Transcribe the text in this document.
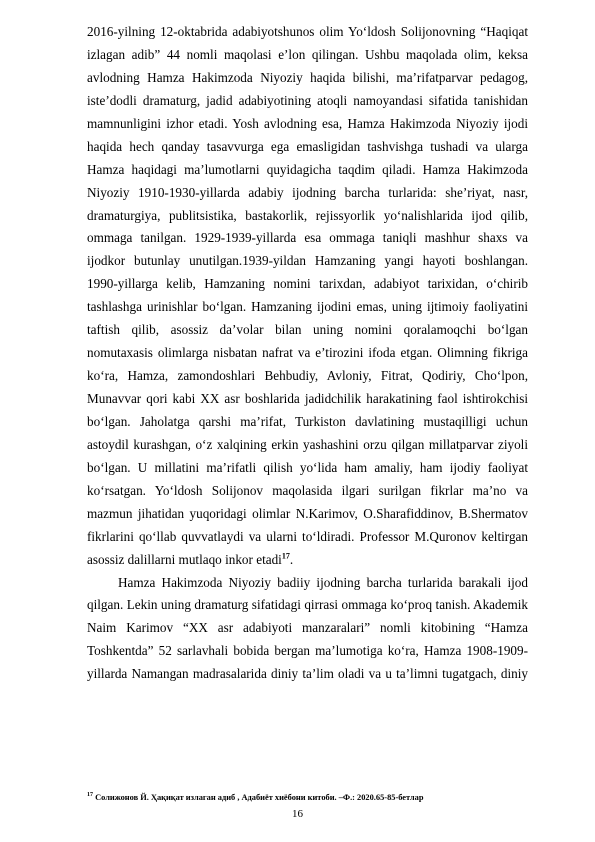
2016-yilning 12-oktabrida adabiyotshunos olim Yo‘ldosh Solijonovning “Haqiqat
izlagan adib” 44 nomli maqolasi e’lon qilingan. Ushbu maqolada olim, keksa
avlodning Hamza Hakimzoda Niyoziy haqida bilishi, ma’rifatparvar pedagog,
iste’dodli dramaturg, jadid adabiyotining atoqli namoyandasi sifatida tanishidan
mamnunligini izhor etadi. Yosh avlodning esa, Hamza Hakimzoda Niyoziy ijodi
haqida hech qanday tasavvurga ega emasligidan tashvishga tushadi va ularga
Hamza haqidagi ma’lumotlarni quyidagicha taqdim qiladi. Hamza Hakimzoda
Niyoziy 1910-1930-yillarda adabiy ijodning barcha turlarida: she’riyat, nasr,
dramaturgiya, publitsistika, bastakorlik, rejissyorlik yo‘nalishlarida ijod qilib,
ommaga tanilgan. 1929-1939-yillarda esa ommaga taniqli mashhur shaxs va
ijodkor butunlay unutilgan.1939-yildan Hamzaning yangi hayoti boshlangan.
1990-yillarga kelib, Hamzaning nomini tarixdan, adabiyot tarixidan, o‘chirib
tashlashga urinishlar bo‘lgan. Hamzaning ijodini emas, uning ijtimoiy faoliyatini
taftish qilib, asossiz da’volar bilan uning nomini qoralamoqchi bo‘lgan
nomutaxasis olimlarga nisbatan nafrat va e’tirozini ifoda etgan. Olimning fikriga
ko‘ra, Hamza, zamondoshlari Behbudiy, Avloniy, Fitrat, Qodiriy, Cho‘lpon,
Munavvar qori kabi XX asr boshlarida jadidchilik harakatining faol ishtirokchisi
bo‘lgan. Jaholatga qarshi ma’rifat, Turkiston davlatining mustaqilligi uchun
astoydil kurashgan, o‘z xalqining erkin yashashini orzu qilgan millatparvar ziyoli
bo‘lgan. U millatini ma’rifatli qilish yo‘lida ham amaliy, ham ijodiy faoliyat
ko‘rsatgan. Yo‘ldosh Solijonov maqolasida ilgari surilgan fikrlar ma’no va
mazmun jihatidan yuqoridagi olimlar N.Karimov, O.Sharafiddinov, B.Shermatov
fikrlarini qo‘llab quvvatlaydi va ularni to‘ldiradi. Professor M.Quronov keltirgan
asossiz dalillarni mutlaqo inkor etadi$^{17}$.
Hamza Hakimzoda Niyoziy badiiy ijodning barcha turlarida barakali ijod
qilgan. Lekin uning dramaturg sifatidagi qirrasi ommaga ko‘proq tanish. Akademik
Naim Karimov “XX asr adabiyoti manzaralari” nomli kitobining “Hamza
Toshkentda” 52 sarlavhali bobida bergan ma’lumotiga ko‘ra, Hamza 1908-1909-
yillarda Namangan madrasalarida diniy ta’lim oladi va u ta’limni tugatgach, diniy
$^{17}$ Солижонов Й. Ҳақиқат излаган адиб , Адабиёт хиёбони китоби. –Ф.: 2020.65-85-бетлар
16
